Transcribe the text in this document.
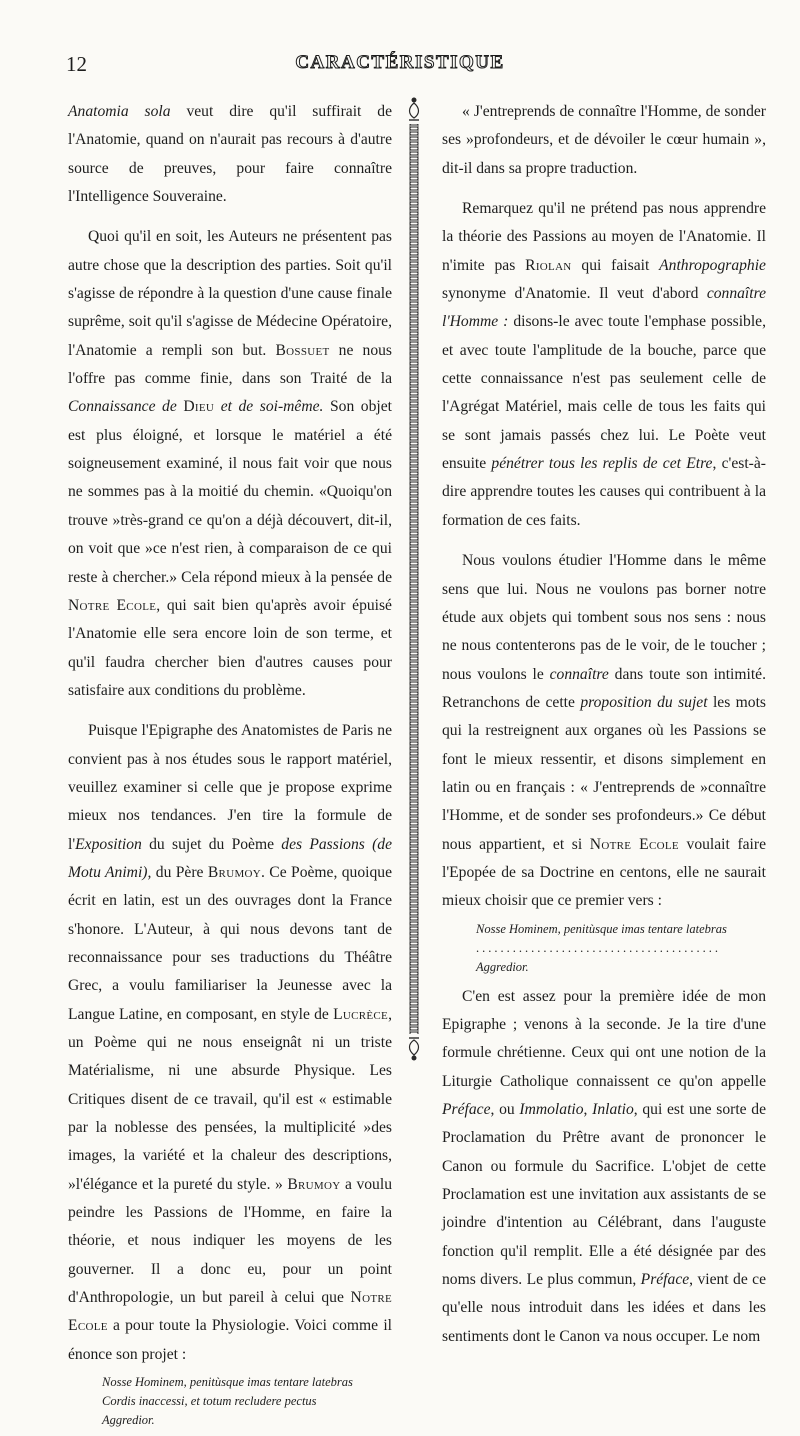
12	CARACTÉRISTIQUE

Anatomia sola veut dire qu'il suffirait de l'Anatomie, quand on n'aurait pas recours à d'autre source de preuves, pour faire connaître l'Intelligence Souveraine.

Quoi qu'il en soit, les Auteurs ne présentent pas autre chose que la description des parties. Soit qu'il s'agisse de répondre à la question d'une cause finale suprême, soit qu'il s'agisse de Médecine Opératoire, l'Anatomie a rempli son but. Bossuet ne nous l'offre pas comme finie, dans son Traité de la Connaissance de Dieu et de soi-même. Son objet est plus éloigné, et lorsque le matériel a été soigneusement examiné, il nous fait voir que nous ne sommes pas à la moitié du chemin. «Quoiqu'on trouve »très-grand ce qu'on a déjà découvert, dit-il, on voit que »ce n'est rien, à comparaison de ce qui reste à chercher.» Cela répond mieux à la pensée de Notre Ecole, qui sait bien qu'après avoir épuisé l'Anatomie elle sera encore loin de son terme, et qu'il faudra chercher bien d'autres causes pour satisfaire aux conditions du problème.

Puisque l'Epigraphe des Anatomistes de Paris ne convient pas à nos études sous le rapport matériel, veuillez examiner si celle que je propose exprime mieux nos tendances. J'en tire la formule de l'Exposition du sujet du Poème des Passions (de Motu Animi), du Père Brumoy. Ce Poème, quoique écrit en latin, est un des ouvrages dont la France s'honore. L'Auteur, à qui nous devons tant de reconnaissance pour ses traductions du Théâtre Grec, a voulu familiariser la Jeunesse avec la Langue Latine, en composant, en style de Lucrèce, un Poème qui ne nous enseignât ni un triste Matérialisme, ni une absurde Physique. Les Critiques disent de ce travail, qu'il est « estimable par la noblesse des pensées, la multiplicité »des images, la variété et la chaleur des descriptions, »l'élégance et la pureté du style. » Brumoy a voulu peindre les Passions de l'Homme, en faire la théorie, et nous indiquer les moyens de les gouverner. Il a donc eu, pour un point d'Anthropologie, un but pareil à celui que Notre Ecole a pour toute la Physiologie. Voici comme il énonce son projet :

Nosse Hominem, penitùsque imas tentare latebras
Cordis inaccessi, et totum recludere pectus
Aggredior.

« J'entreprends de connaître l'Homme, de sonder ses »profondeurs, et de dévoiler le cœur humain », dit-il dans sa propre traduction.

Remarquez qu'il ne prétend pas nous apprendre la théorie des Passions au moyen de l'Anatomie. Il n'imite pas Riolan qui faisait Anthropographie synonyme d'Anatomie. Il veut d'abord connaître l'Homme : disons-le avec toute l'emphase possible, et avec toute l'amplitude de la bouche, parce que cette connaissance n'est pas seulement celle de l'Agrégat Matériel, mais celle de tous les faits qui se sont jamais passés chez lui. Le Poète veut ensuite pénétrer tous les replis de cet Etre, c'est-à-dire apprendre toutes les causes qui contribuent à la formation de ces faits.

Nous voulons étudier l'Homme dans le même sens que lui. Nous ne voulons pas borner notre étude aux objets qui tombent sous nos sens : nous ne nous contenterons pas de le voir, de le toucher ; nous voulons le connaître dans toute son intimité. Retranchons de cette proposition du sujet les mots qui la restreignent aux organes où les Passions se font le mieux ressentir, et disons simplement en latin ou en français : « J'entreprends de »connaître l'Homme, et de sonder ses profondeurs.» Ce début nous appartient, et si Notre Ecole voulait faire l'Epopée de sa Doctrine en centons, elle ne saurait mieux choisir que ce premier vers :

Nosse Hominem, penitùsque imas tentare latebras
........................................
Aggredior.

C'en est assez pour la première idée de mon Epigraphe ; venons à la seconde. Je la tire d'une formule chrétienne. Ceux qui ont une notion de la Liturgie Catholique connaissent ce qu'on appelle Préface, ou Immolatio, Inlatio, qui est une sorte de Proclamation du Prêtre avant de prononcer le Canon ou formule du Sacrifice. L'objet de cette Proclamation est une invitation aux assistants de se joindre d'intention au Célébrant, dans l'auguste fonction qu'il remplit. Elle a été désignée par des noms divers. Le plus commun, Préface, vient de ce qu'elle nous introduit dans les idées et dans les sentiments dont le Canon va nous occuper. Le nom
